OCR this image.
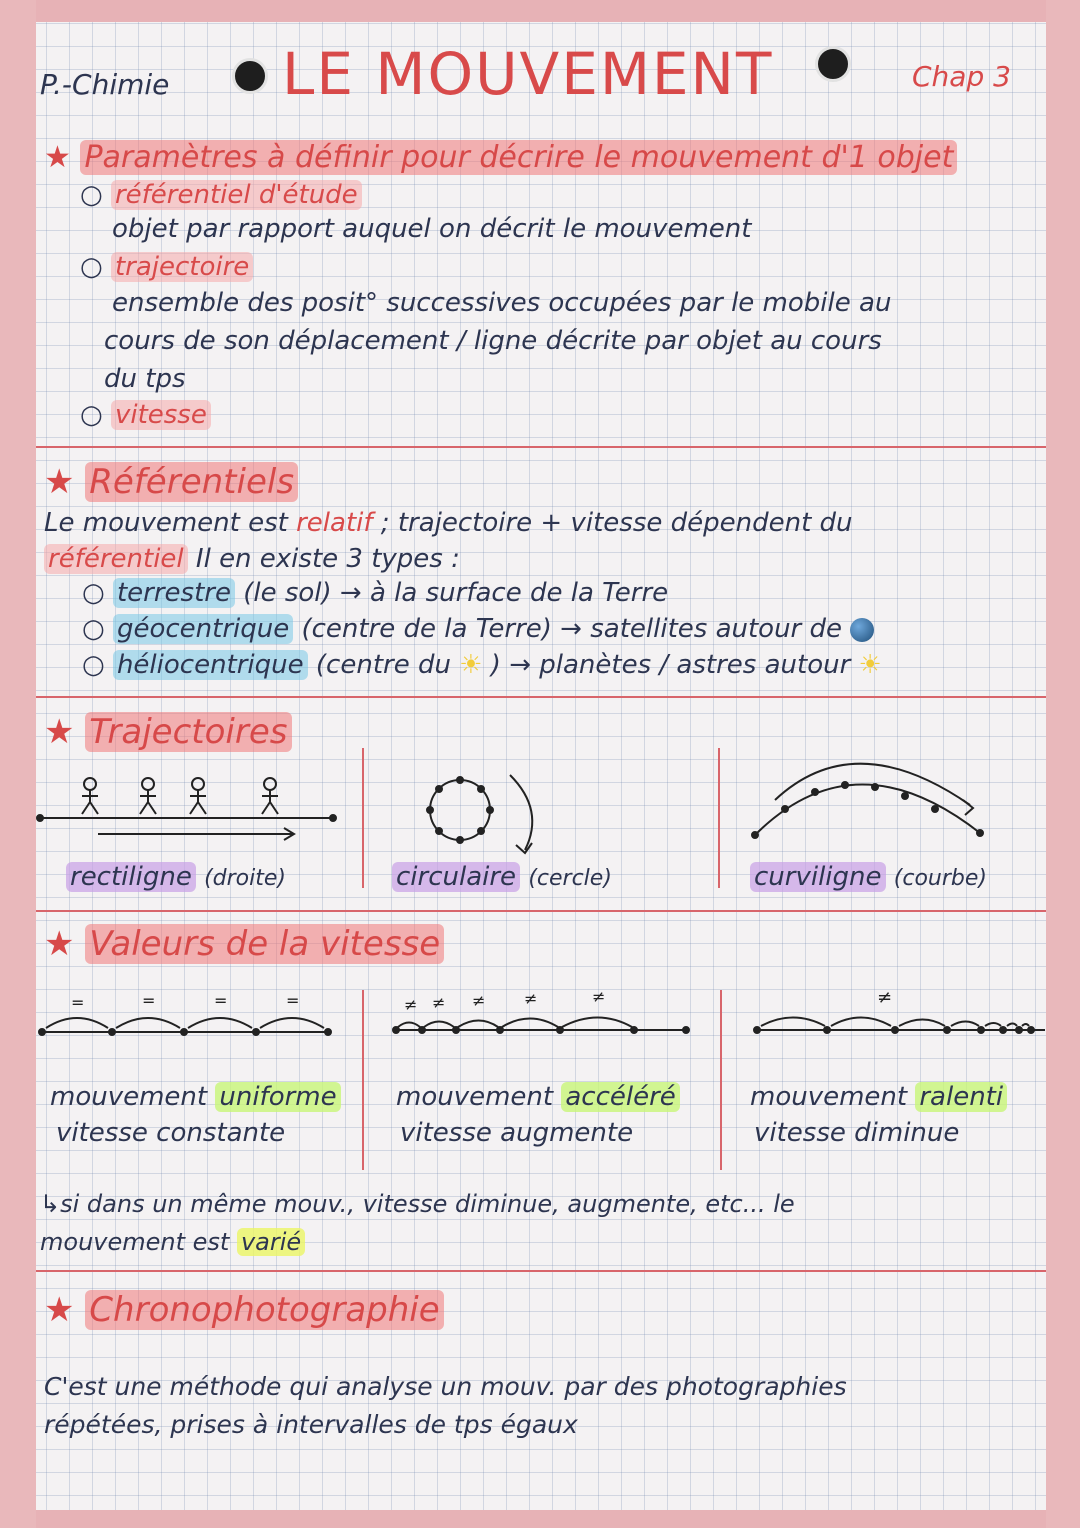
P.-Chimie LE MOUVEMENT	Chap 3
★ Paramètres à définir pour décrire le mouvement d'1 objet
○ référentiel d'étude
objet par rapport auquel on décrit le mouvement
○ trajectoire
ensemble des posit° successives occupées par le mobile au
cours de son déplacement / ligne décrite par objet au cours
du tps
○ vitesse
★ Référentiels
Le mouvement est relatif ; trajectoire + vitesse dépendent du
référentiel Il en existe 3 types :
○ terrestre (le sol) → à la surface de la Terre
○ géocentrique (centre de la Terre) → satellites autour de
○ héliocentrique (centre du ☀ ) → planètes / astres autour ☀
★ Trajectoires
rectiligne (droite)	circulaire (cercle)	curviligne (courbe)
★ Valeurs de la vitesse
=	=	=	=	≠ ≠ ≠ ≠	≠	≠
mouvement uniforme
vitesse constante
mouvement accéléré
vitesse augmente
mouvement ralenti
vitesse diminue
↳si dans un même mouv., vitesse diminue, augmente, etc... le
mouvement est varié
★ Chronophotographie
C'est une méthode qui analyse un mouv. par des photographies
répétées, prises à intervalles de tps égaux
